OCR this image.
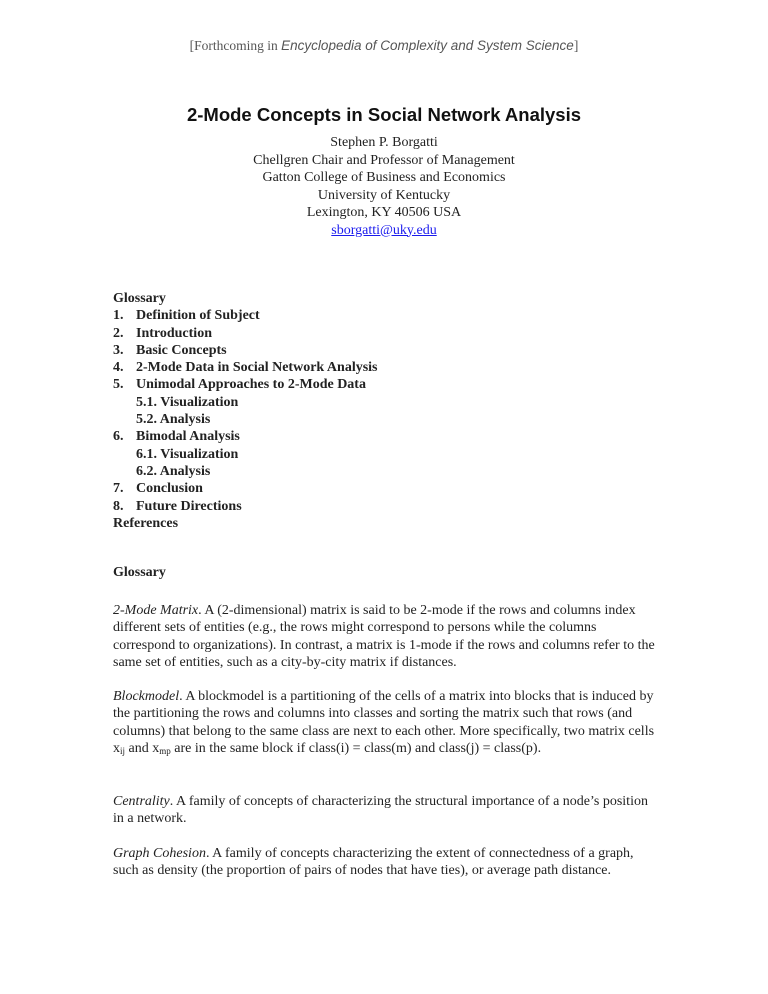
[Forthcoming in Encyclopedia of Complexity and System Science]
2-Mode Concepts in Social Network Analysis
Stephen P. Borgatti
Chellgren Chair and Professor of Management
Gatton College of Business and Economics
University of Kentucky
Lexington, KY 40506 USA
sborgatti@uky.edu
Glossary
1. Definition of Subject
2. Introduction
3. Basic Concepts
4. 2-Mode Data in Social Network Analysis
5. Unimodal Approaches to 2-Mode Data
5.1. Visualization
5.2. Analysis
6. Bimodal Analysis
6.1. Visualization
6.2. Analysis
7. Conclusion
8. Future Directions
References
Glossary
2-Mode Matrix. A (2-dimensional) matrix is said to be 2-mode if the rows and columns index different sets of entities (e.g., the rows might correspond to persons while the columns correspond to organizations). In contrast, a matrix is 1-mode if the rows and columns refer to the same set of entities, such as a city-by-city matrix if distances.
Blockmodel. A blockmodel is a partitioning of the cells of a matrix into blocks that is induced by the partitioning the rows and columns into classes and sorting the matrix such that rows (and columns) that belong to the same class are next to each other. More specifically, two matrix cells $x_{ij}$ and $x_{mp}$ are in the same block if class(i) = class(m) and class(j) = class(p).
Centrality. A family of concepts of characterizing the structural importance of a node’s position in a network.
Graph Cohesion. A family of concepts characterizing the extent of connectedness of a graph, such as density (the proportion of pairs of nodes that have ties), or average path distance.
